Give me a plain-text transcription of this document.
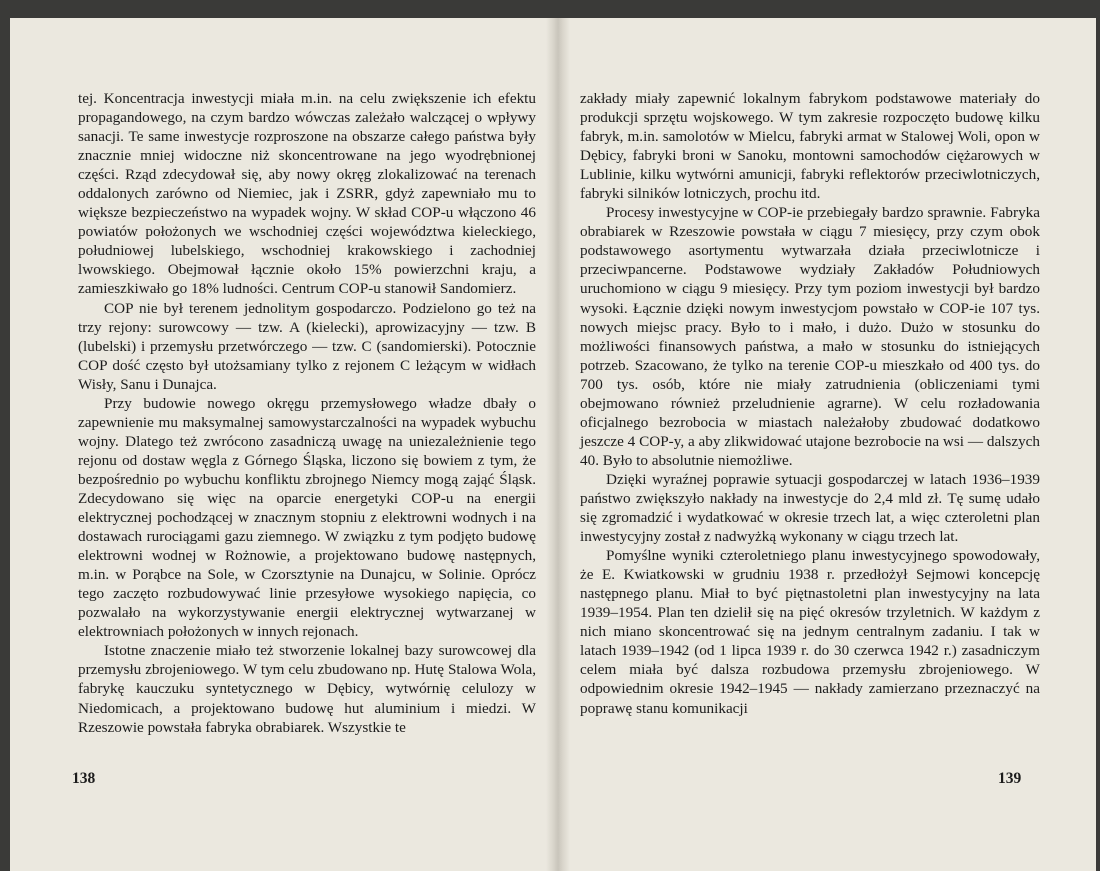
tej. Koncentracja inwestycji miała m.in. na celu zwiększenie ich efektu propagandowego, na czym bardzo wówczas zależało walczącej o wpływy sanacji. Te same inwestycje rozproszone na obszarze całego państwa były znacznie mniej widoczne niż skoncentrowane na jego wyodrębnionej części. Rząd zdecydował się, aby nowy okręg zlokalizować na terenach oddalonych zarówno od Niemiec, jak i ZSRR, gdyż zapewniało mu to większe bezpieczeństwo na wypadek wojny. W skład COP-u włączono 46 powiatów położonych we wschodniej części województwa kieleckiego, południowej lubelskiego, wschodniej krakowskiego i zachodniej lwowskiego. Obejmował łącznie około 15% powierzchni kraju, a zamieszkiwało go 18% ludności. Centrum COP-u stanowił Sandomierz.

COP nie był terenem jednolitym gospodarczo. Podzielono go też na trzy rejony: surowcowy — tzw. A (kielecki), aprowizacyjny — tzw. B (lubelski) i przemysłu przetwórczego — tzw. C (sandomierski). Potocznie COP dość często był utożsamiany tylko z rejonem C leżącym w widłach Wisły, Sanu i Dunajca.

Przy budowie nowego okręgu przemysłowego władze dbały o zapewnienie mu maksymalnej samowystarczalności na wypadek wybuchu wojny. Dlatego też zwrócono zasadniczą uwagę na uniezależnienie tego rejonu od dostaw węgla z Górnego Śląska, liczono się bowiem z tym, że bezpośrednio po wybuchu konfliktu zbrojnego Niemcy mogą zająć Śląsk. Zdecydowano się więc na oparcie energetyki COP-u na energii elektrycznej pochodzącej w znacznym stopniu z elektrowni wodnych i na dostawach rurociągami gazu ziemnego. W związku z tym podjęto budowę elektrowni wodnej w Rożnowie, a projektowano budowę następnych, m.in. w Porąbce na Sole, w Czorsztynie na Dunajcu, w Solinie. Oprócz tego zaczęto rozbudowywać linie przesyłowe wysokiego napięcia, co pozwalało na wykorzystywanie energii elektrycznej wytwarzanej w elektrowniach położonych w innych rejonach.

Istotne znaczenie miało też stworzenie lokalnej bazy surowcowej dla przemysłu zbrojeniowego. W tym celu zbudowano np. Hutę Stalowa Wola, fabrykę kauczuku syntetycznego w Dębicy, wytwórnię celulozy w Niedomicach, a projektowano budowę hut aluminium i miedzi. W Rzeszowie powstała fabryka obrabiarek. Wszystkie te

138

zakłady miały zapewnić lokalnym fabrykom podstawowe materiały do produkcji sprzętu wojskowego. W tym zakresie rozpoczęto budowę kilku fabryk, m.in. samolotów w Mielcu, fabryki armat w Stalowej Woli, opon w Dębicy, fabryki broni w Sanoku, montowni samochodów ciężarowych w Lublinie, kilku wytwórni amunicji, fabryki reflektorów przeciwlotniczych, fabryki silników lotniczych, prochu itd.

Procesy inwestycyjne w COP-ie przebiegały bardzo sprawnie. Fabryka obrabiarek w Rzeszowie powstała w ciągu 7 miesięcy, przy czym obok podstawowego asortymentu wytwarzała działa przeciwlotnicze i przeciwpancerne. Podstawowe wydziały Zakładów Południowych uruchomiono w ciągu 9 miesięcy. Przy tym poziom inwestycji był bardzo wysoki. Łącznie dzięki nowym inwestycjom powstało w COP-ie 107 tys. nowych miejsc pracy. Było to i mało, i dużo. Dużo w stosunku do możliwości finansowych państwa, a mało w stosunku do istniejących potrzeb. Szacowano, że tylko na terenie COP-u mieszkało od 400 tys. do 700 tys. osób, które nie miały zatrudnienia (obliczeniami tymi obejmowano również przeludnienie agrarne). W celu rozładowania oficjalnego bezrobocia w miastach należałoby zbudować dodatkowo jeszcze 4 COP-y, a aby zlikwidować utajone bezrobocie na wsi — dalszych 40. Było to absolutnie niemożliwe.

Dzięki wyraźnej poprawie sytuacji gospodarczej w latach 1936–1939 państwo zwiększyło nakłady na inwestycje do 2,4 mld zł. Tę sumę udało się zgromadzić i wydatkować w okresie trzech lat, a więc czteroletni plan inwestycyjny został z nadwyżką wykonany w ciągu trzech lat.

Pomyślne wyniki czteroletniego planu inwestycyjnego spowodowały, że E. Kwiatkowski w grudniu 1938 r. przedłożył Sejmowi koncepcję następnego planu. Miał to być piętnastoletni plan inwestycyjny na lata 1939–1954. Plan ten dzielił się na pięć okresów trzyletnich. W każdym z nich miano skoncentrować się na jednym centralnym zadaniu. I tak w latach 1939–1942 (od 1 lipca 1939 r. do 30 czerwca 1942 r.) zasadniczym celem miała być dalsza rozbudowa przemysłu zbrojeniowego. W odpowiednim okresie 1942–1945 — nakłady zamierzano przeznaczyć na poprawę stanu komunikacji

139
